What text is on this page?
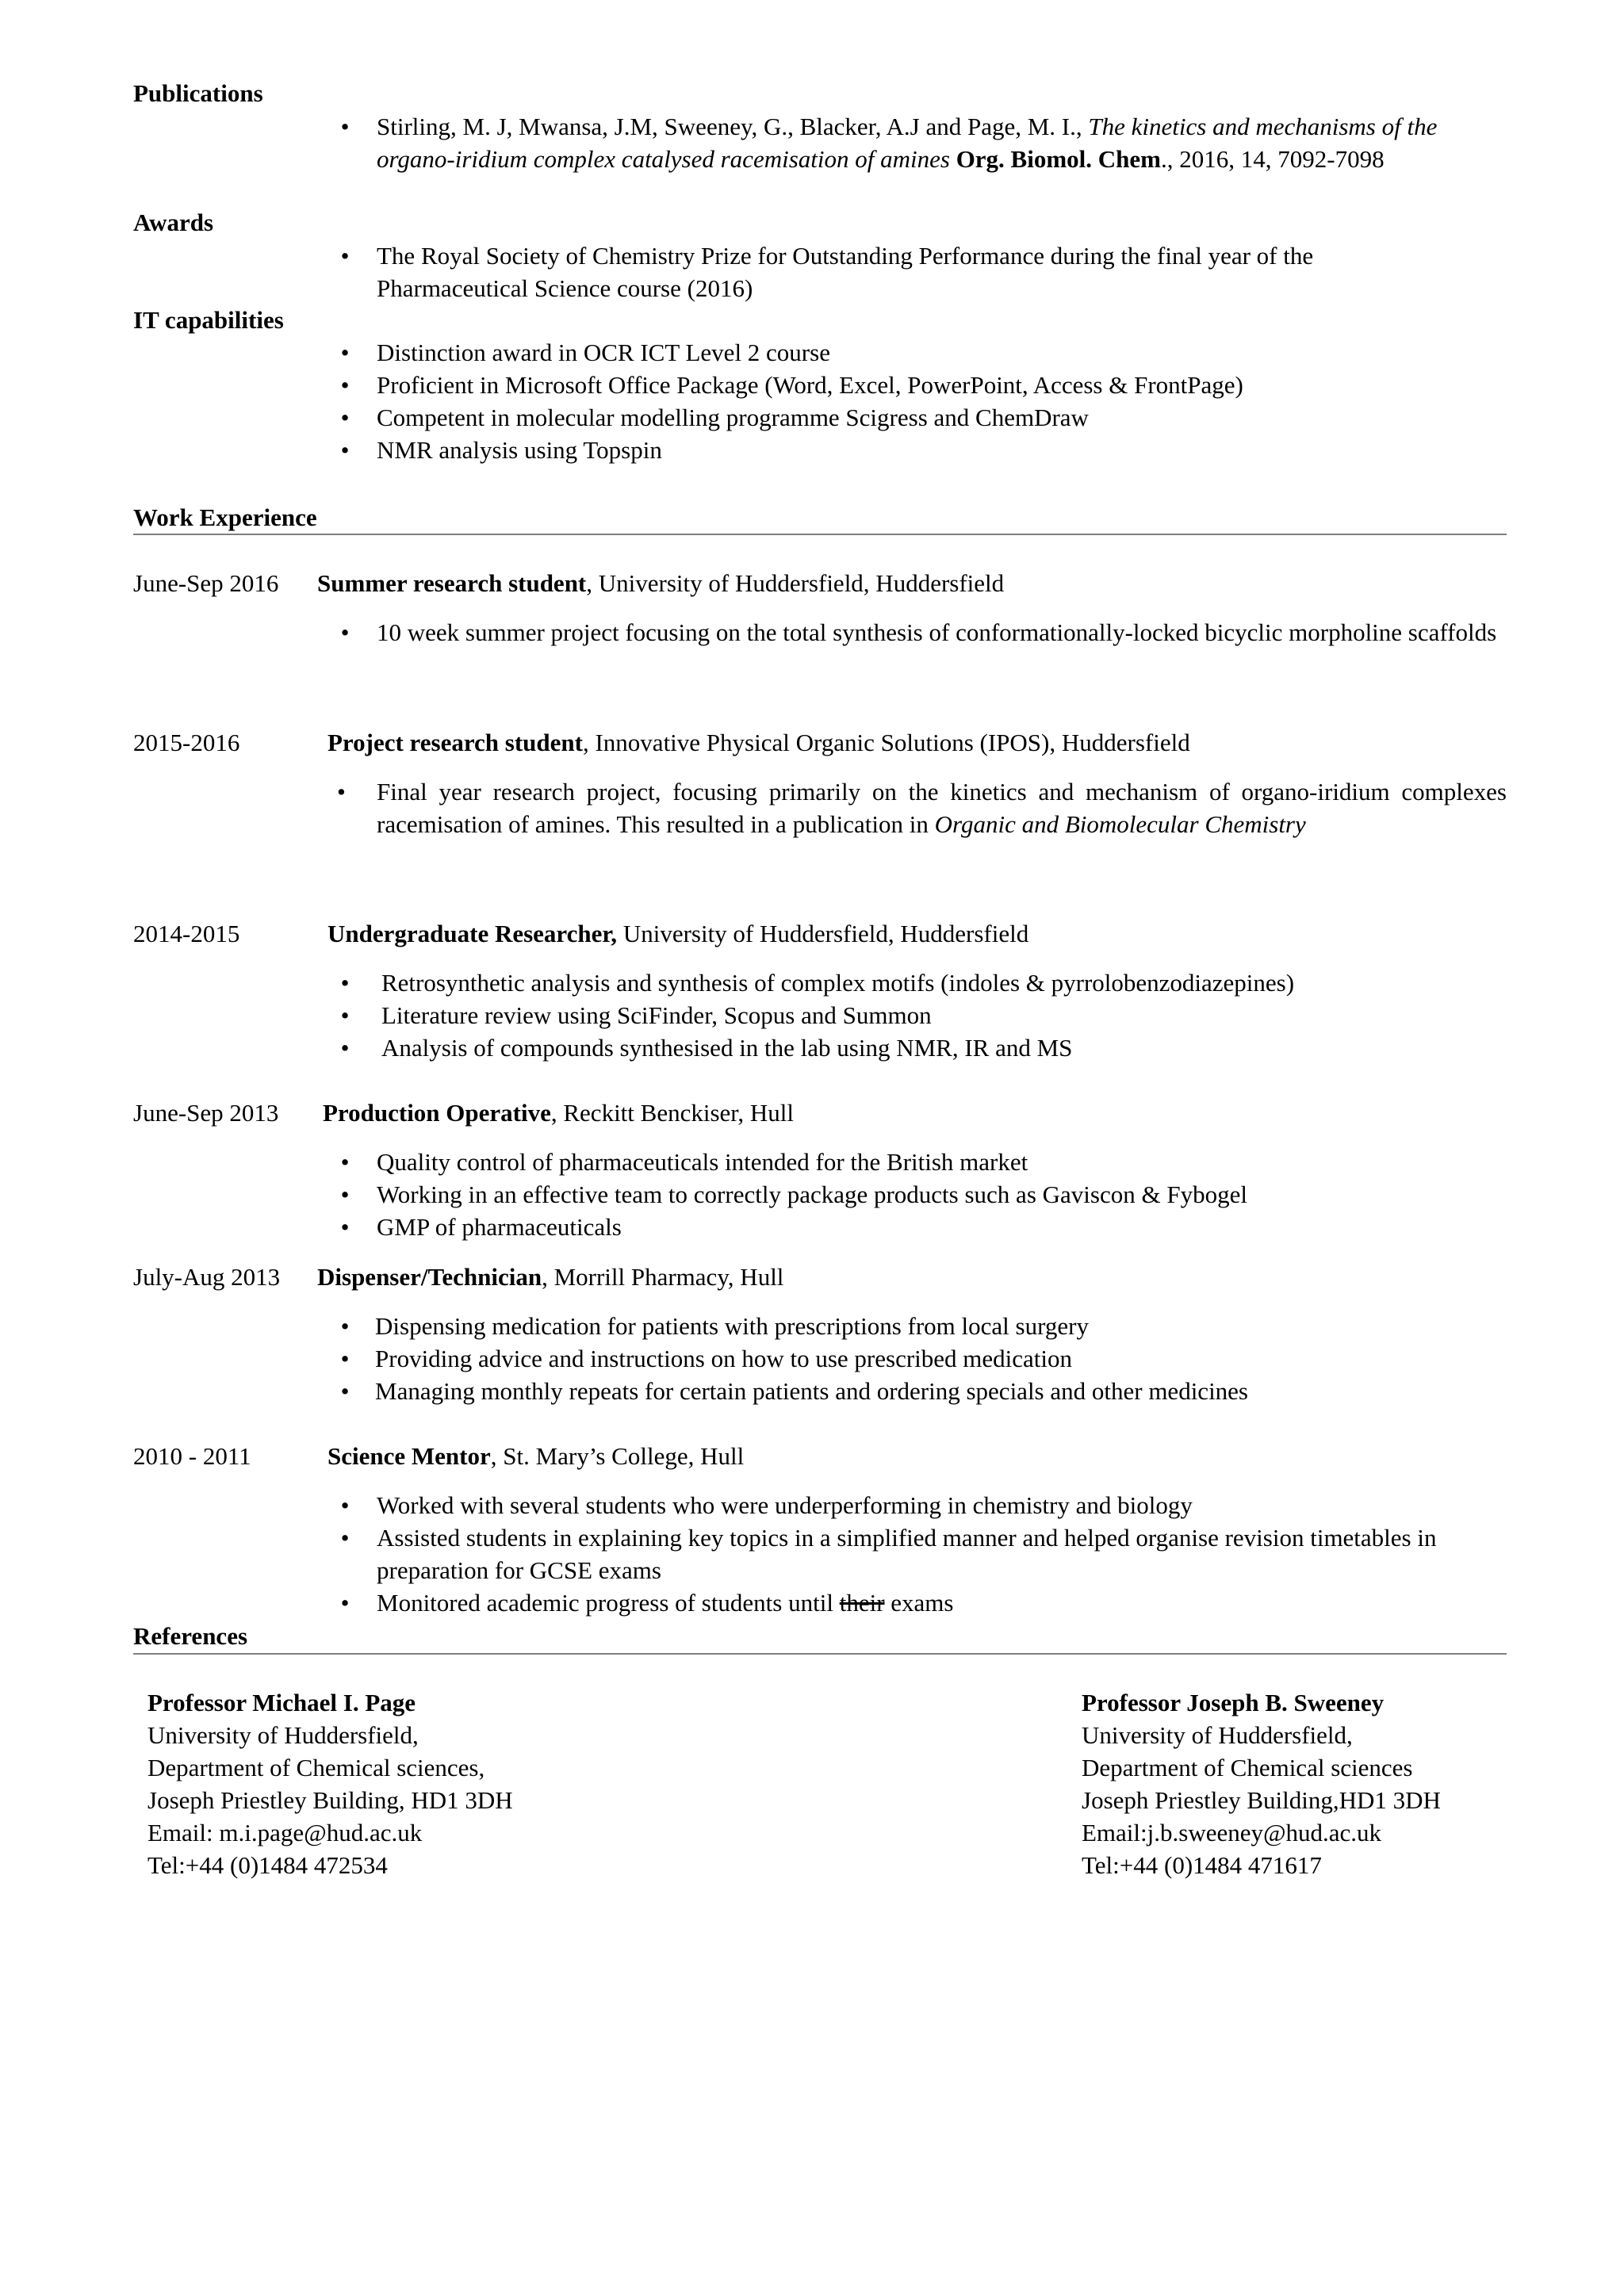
Publications
• Stirling, M. J, Mwansa, J.M, Sweeney, G., Blacker, A.J and Page, M. I., The kinetics and mechanisms of the organo-iridium complex catalysed racemisation of amines Org. Biomol. Chem., 2016, 14, 7092-7098
Awards
• The Royal Society of Chemistry Prize for Outstanding Performance during the final year of the Pharmaceutical Science course (2016)
IT capabilities
• Distinction award in OCR ICT Level 2 course
• Proficient in Microsoft Office Package (Word, Excel, PowerPoint, Access & FrontPage)
• Competent in molecular modelling programme Scigress and ChemDraw
• NMR analysis using Topspin
Work Experience
June-Sep 2016 Summer research student, University of Huddersfield, Huddersfield
• 10 week summer project focusing on the total synthesis of conformationally-locked bicyclic morpholine scaffolds
2015-2016	Project research student, Innovative Physical Organic Solutions (IPOS), Huddersfield
• Final year research project, focusing primarily on the kinetics and mechanism of organo-iridium complexes racemisation of amines. This resulted in a publication in Organic and Biomolecular Chemistry
2014-2015	Undergraduate Researcher, University of Huddersfield, Huddersfield
• Retrosynthetic analysis and synthesis of complex motifs (indoles & pyrrolobenzodiazepines)
• Literature review using SciFinder, Scopus and Summon
• Analysis of compounds synthesised in the lab using NMR, IR and MS
June-Sep 2013 Production Operative, Reckitt Benckiser, Hull
• Quality control of pharmaceuticals intended for the British market
• Working in an effective team to correctly package products such as Gaviscon & Fybogel
• GMP of pharmaceuticals
July-Aug 2013 Dispenser/Technician, Morrill Pharmacy, Hull
• Dispensing medication for patients with prescriptions from local surgery
• Providing advice and instructions on how to use prescribed medication
• Managing monthly repeats for certain patients and ordering specials and other medicines
2010 - 2011	Science Mentor, St. Mary’s College, Hull
• Worked with several students who were underperforming in chemistry and biology
• Assisted students in explaining key topics in a simplified manner and helped organise revision timetables in preparation for GCSE exams
• Monitored academic progress of students until their exams
References
Professor Michael I. Page
University of Huddersfield,
Department of Chemical sciences,
Joseph Priestley Building, HD1 3DH
Email: m.i.page@hud.ac.uk
Tel:+44 (0)1484 472534
Professor Joseph B. Sweeney
University of Huddersfield,
Department of Chemical sciences
Joseph Priestley Building,HD1 3DH
Email:j.b.sweeney@hud.ac.uk
Tel:+44 (0)1484 471617
